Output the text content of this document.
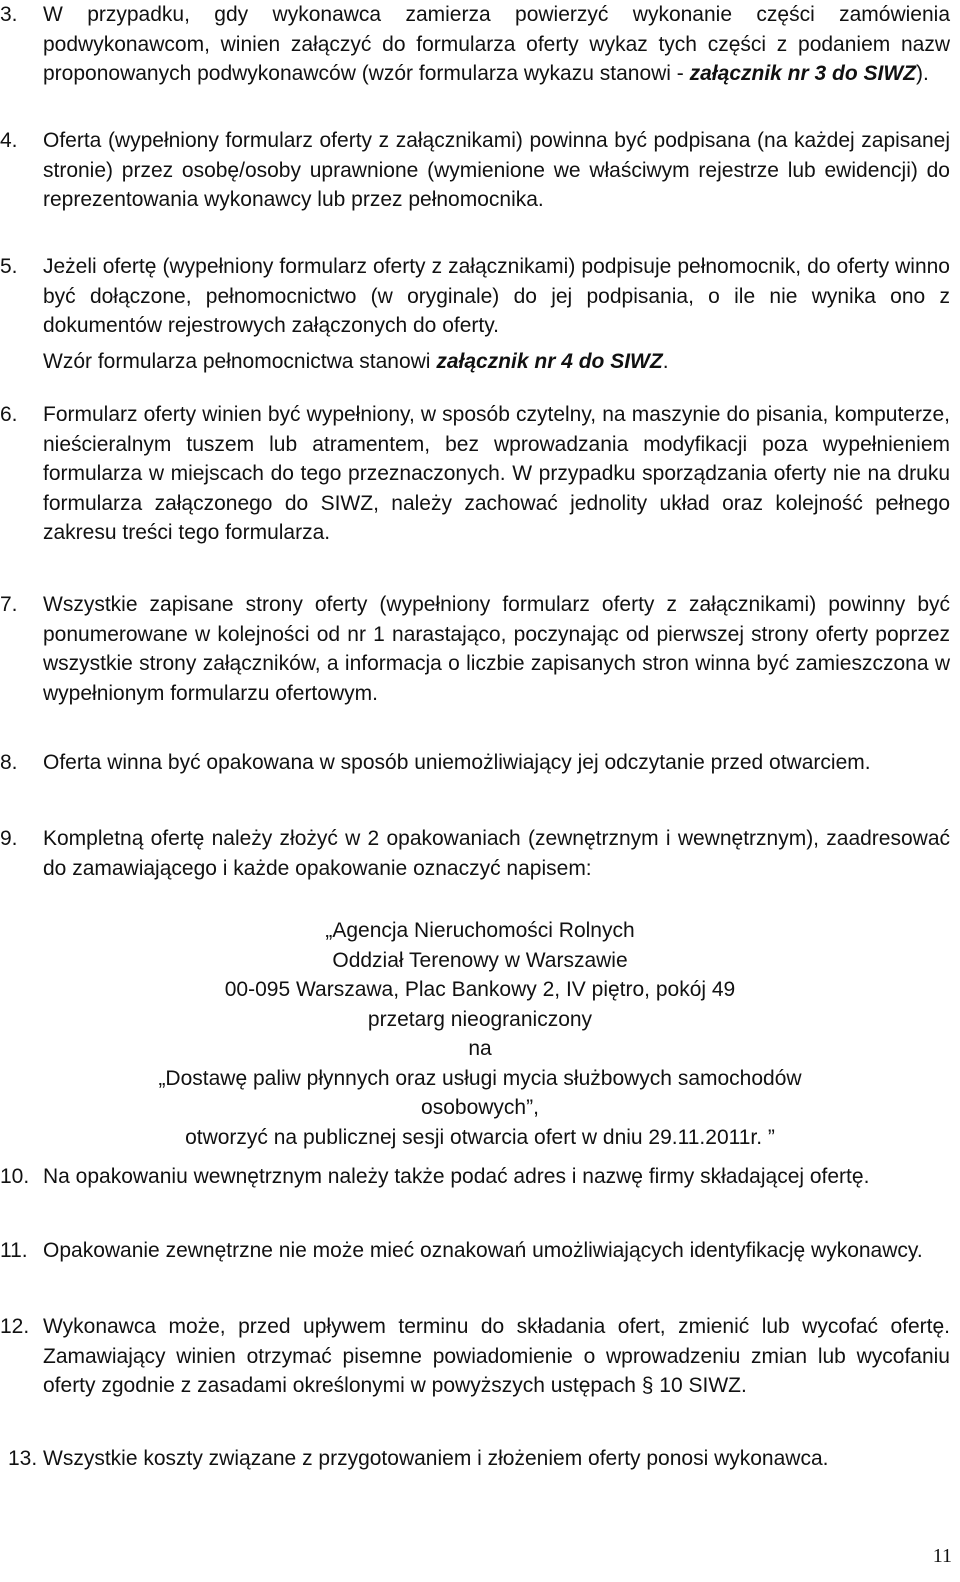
3. W przypadku, gdy wykonawca zamierza powierzyć wykonanie części zamówienia podwykonawcom, winien załączyć do formularza oferty wykaz tych części z podaniem nazw proponowanych podwykonawców (wzór formularza wykazu stanowi - załącznik nr 3 do SIWZ).
4. Oferta (wypełniony formularz oferty z załącznikami) powinna być podpisana (na każdej zapisanej stronie) przez osobę/osoby uprawnione (wymienione we właściwym rejestrze lub ewidencji) do reprezentowania wykonawcy lub przez pełnomocnika.
5. Jeżeli ofertę (wypełniony formularz oferty z załącznikami) podpisuje pełnomocnik, do oferty winno być dołączone, pełnomocnictwo (w oryginale) do jej podpisania, o ile nie wynika ono z dokumentów rejestrowych załączonych do oferty.
Wzór formularza pełnomocnictwa stanowi załącznik nr 4 do SIWZ.
6. Formularz oferty winien być wypełniony, w sposób czytelny, na maszynie do pisania, komputerze, nieścieralnym tuszem lub atramentem, bez wprowadzania modyfikacji poza wypełnieniem formularza w miejscach do tego przeznaczonych. W przypadku sporządzania oferty nie na druku formularza załączonego do SIWZ, należy zachować jednolity układ oraz kolejność pełnego zakresu treści tego formularza.
7. Wszystkie zapisane strony oferty (wypełniony formularz oferty z załącznikami) powinny być ponumerowane w kolejności od nr 1 narastająco, poczynając od pierwszej strony oferty poprzez wszystkie strony załączników, a informacja o liczbie zapisanych stron winna być zamieszczona w wypełnionym formularzu ofertowym.
8. Oferta winna być opakowana w sposób uniemożliwiający jej odczytanie przed otwarciem.
9. Kompletną ofertę należy złożyć w 2 opakowaniach (zewnętrznym i wewnętrznym), zaadresować do zamawiającego i każde opakowanie oznaczyć napisem:
„Agencja Nieruchomości Rolnych
Oddział Terenowy w Warszawie
00-095 Warszawa, Plac Bankowy 2, IV piętro, pokój 49
przetarg nieograniczony
na
„Dostawę paliw płynnych oraz usługi mycia służbowych samochodów
osobowych”,
otworzyć na publicznej sesji otwarcia ofert w dniu 29.11.2011r. ”
10. Na opakowaniu wewnętrznym należy także podać adres i nazwę firmy składającej ofertę.
11. Opakowanie zewnętrzne nie może mieć oznakowań umożliwiających identyfikację wykonawcy.
12. Wykonawca może, przed upływem terminu do składania ofert, zmienić lub wycofać ofertę. Zamawiający winien otrzymać pisemne powiadomienie o wprowadzeniu zmian lub wycofaniu oferty zgodnie z zasadami określonymi w powyższych ustępach § 10 SIWZ.
13. Wszystkie koszty związane z przygotowaniem i złożeniem oferty ponosi wykonawca.
11
